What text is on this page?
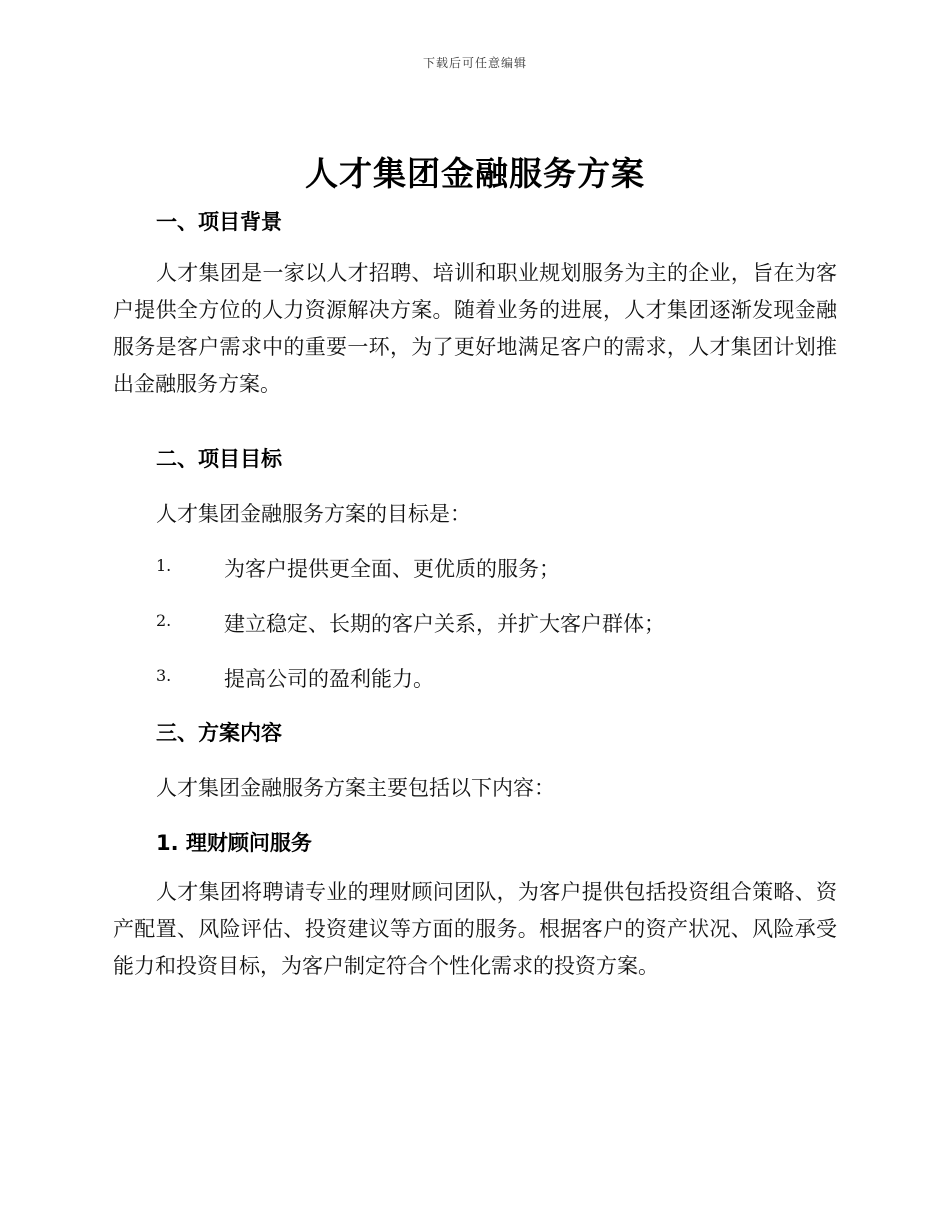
下载后可任意编辑
人才集团金融服务方案
一、项目背景

人才集团是一家以人才招聘、培训和职业规划服务为主的企业，旨在为客户提供全方位的人力资源解决方案。随着业务的进展，人才集团逐渐发现金融服务是客户需求中的重要一环，为了更好地满足客户的需求，人才集团计划推出金融服务方案。

二、项目目标
人才集团金融服务方案的目标是：
1.	为客户提供更全面、更优质的服务；
2.	建立稳定、长期的客户关系，并扩大客户群体；
3.	提高公司的盈利能力。
三、方案内容
人才集团金融服务方案主要包括以下内容：
1. 理财顾问服务

人才集团将聘请专业的理财顾问团队，为客户提供包括投资组合策略、资产配置、风险评估、投资建议等方面的服务。根据客户的资产状况、风险承受能力和投资目标，为客户制定符合个性化需求的投资方案。
